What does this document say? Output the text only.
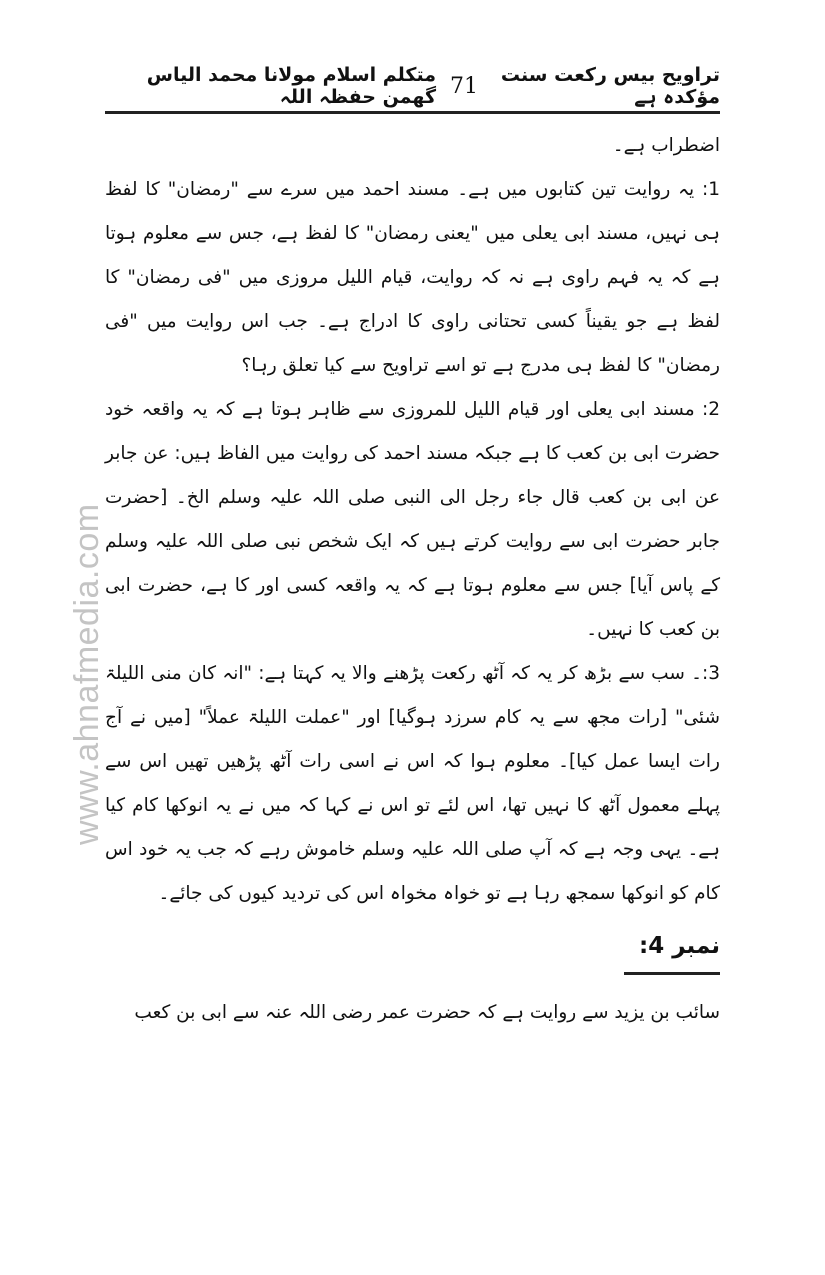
تراویح بیس رکعت سنت مؤکدہ ہے
71
متکلم اسلام مولانا محمد الیاس گھمن حفظہ اللہ
www.ahnafmedia.com

اضطراب ہے۔

1: یہ روایت تین کتابوں میں ہے۔ مسند احمد میں سرے سے "رمضان" کا لفظ ہی نہیں، مسند ابی یعلی میں "یعنی رمضان" کا لفظ ہے، جس سے معلوم ہوتا ہے کہ یہ فہم راوی ہے نہ کہ روایت، قیام اللیل مروزی میں "فی رمضان" کا لفظ ہے جو یقیناً کسی تحتانی راوی کا ادراج ہے۔ جب اس روایت میں "فی رمضان" کا لفظ ہی مدرج ہے تو اسے تراویح سے کیا تعلق رہا؟

2: مسند ابی یعلی اور قیام اللیل للمروزی سے ظاہر ہوتا ہے کہ یہ واقعہ خود حضرت ابی بن کعب کا ہے جبکہ مسند احمد کی روایت میں الفاظ ہیں: عن جابر عن ابی بن کعب قال جاء رجل الی النبی صلی اللہ علیہ وسلم الخ۔ [حضرت جابر حضرت ابی سے روایت کرتے ہیں کہ ایک شخص نبی صلی اللہ علیہ وسلم کے پاس آیا] جس سے معلوم ہوتا ہے کہ یہ واقعہ کسی اور کا ہے، حضرت ابی بن کعب کا نہیں۔

3:۔ سب سے بڑھ کر یہ کہ آٹھ رکعت پڑھنے والا یہ کہتا ہے: "انہ کان منی اللیلۃ شئی" [رات مجھ سے یہ کام سرزد ہوگیا] اور "عملت اللیلۃ عملاً" [میں نے آج رات ایسا عمل کیا]۔ معلوم ہوا کہ اس نے اسی رات آٹھ پڑھیں تھیں اس سے پہلے معمول آٹھ کا نہیں تھا، اس لئے تو اس نے کہا کہ میں نے یہ انوکھا کام کیا ہے۔ یہی وجہ ہے کہ آپ صلی اللہ علیہ وسلم خاموش رہے کہ جب یہ خود اس کام کو انوکھا سمجھ رہا ہے تو خواہ مخواہ اس کی تردید کیوں کی جائے۔

نمبر 4:

سائب بن یزید سے روایت ہے کہ حضرت عمر رضی اللہ عنہ سے ابی بن کعب
